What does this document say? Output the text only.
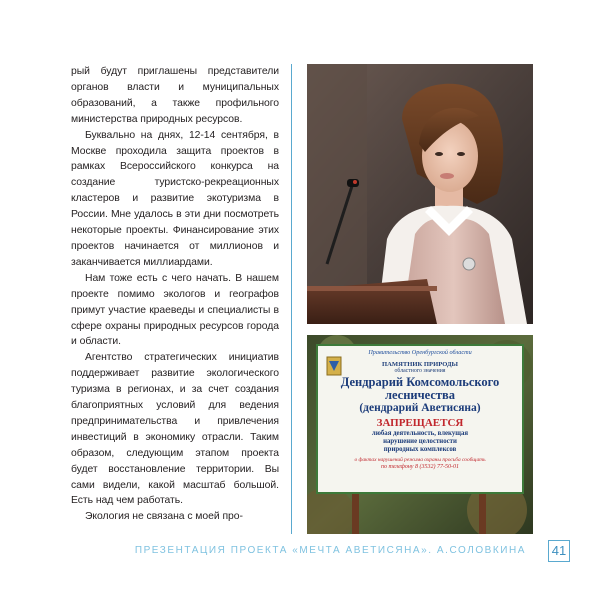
рый будут приглашены представители органов власти и муниципальных образований, а также профильного министерства природных ресурсов.

Буквально на днях, 12-14 сентября, в Москве проходила защита проектов в рамках Всероссийского конкурса на создание туристско-рекреационных кластеров и развитие экотуризма в России. Мне удалось в эти дни посмотреть некоторые проекты. Финансирование этих проектов начинается от миллионов и заканчивается миллиардами.

Нам тоже есть с чего начать. В нашем проекте помимо экологов и географов примут участие краеведы и специалисты в сфере охраны природных ресурсов города и области.

Агентство стратегических инициатив поддерживает развитие экологического туризма в регионах, и за счет создания благоприятных условий для ведения предпринимательства и привлечения инвестиций в экономику отрасли. Таким образом, следующим этапом проекта будет восстановление территории. Вы сами видели, какой масштаб большой. Есть над чем работать.

Экология не связана с моей про-

Правительство Оренбургской области
ПАМЯТНИК ПРИРОДЫ
областного значения
Дендрарий Комсомольского
лесничества
(дендрарий Аветисяна)
ЗАПРЕЩАЕТСЯ
любая деятельность, влекущая
нарушение целостности
природных комплексов
о фактах нарушений режима охраны просьба сообщать
по телефону 8 (3532) 77-50-01
ПРЕЗЕНТАЦИЯ ПРОЕКТА «МЕЧТА АВЕТИСЯНА». А.СОЛОВКИНА 41
